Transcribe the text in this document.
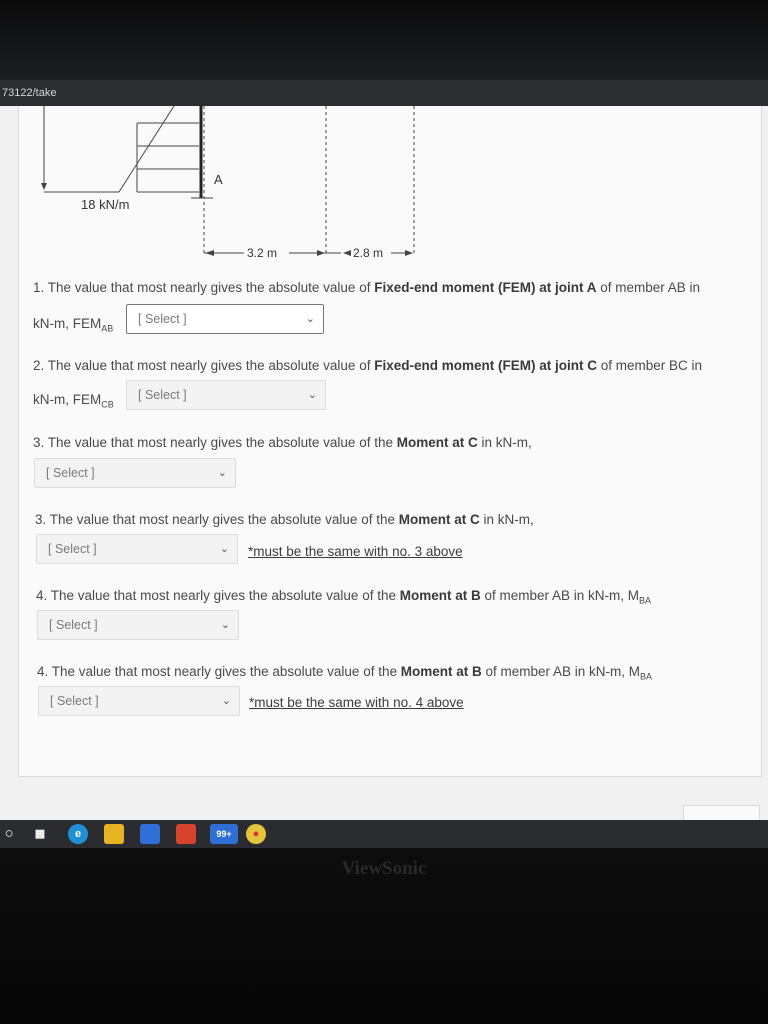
73122/take
18 kN/m
A
3.2 m	2.8 m
1. The value that most nearly gives the absolute value of Fixed-end moment (FEM) at joint A of member AB in
kN-m, $FEM_{AB}$
[ Select ]	⌄
2. The value that most nearly gives the absolute value of Fixed-end moment (FEM) at joint C of member BC in
kN-m, $FEM_{CB}$
[ Select ]	⌄
3. The value that most nearly gives the absolute value of the Moment at C in kN-m,
[ Select ]	⌄
3. The value that most nearly gives the absolute value of the Moment at C in kN-m,
[ Select ]	⌄ *must be the same with no. 3 above
4. The value that most nearly gives the absolute value of the Moment at B of member AB in kN-m, $M_{BA}$
[ Select ]	⌄
4. The value that most nearly gives the absolute value of the Moment at B of member AB in kN-m, $M_{BA}$
[ Select ]	⌄ *must be the same with no. 4 above
○	▦	e	99+	●
ViewSonic
